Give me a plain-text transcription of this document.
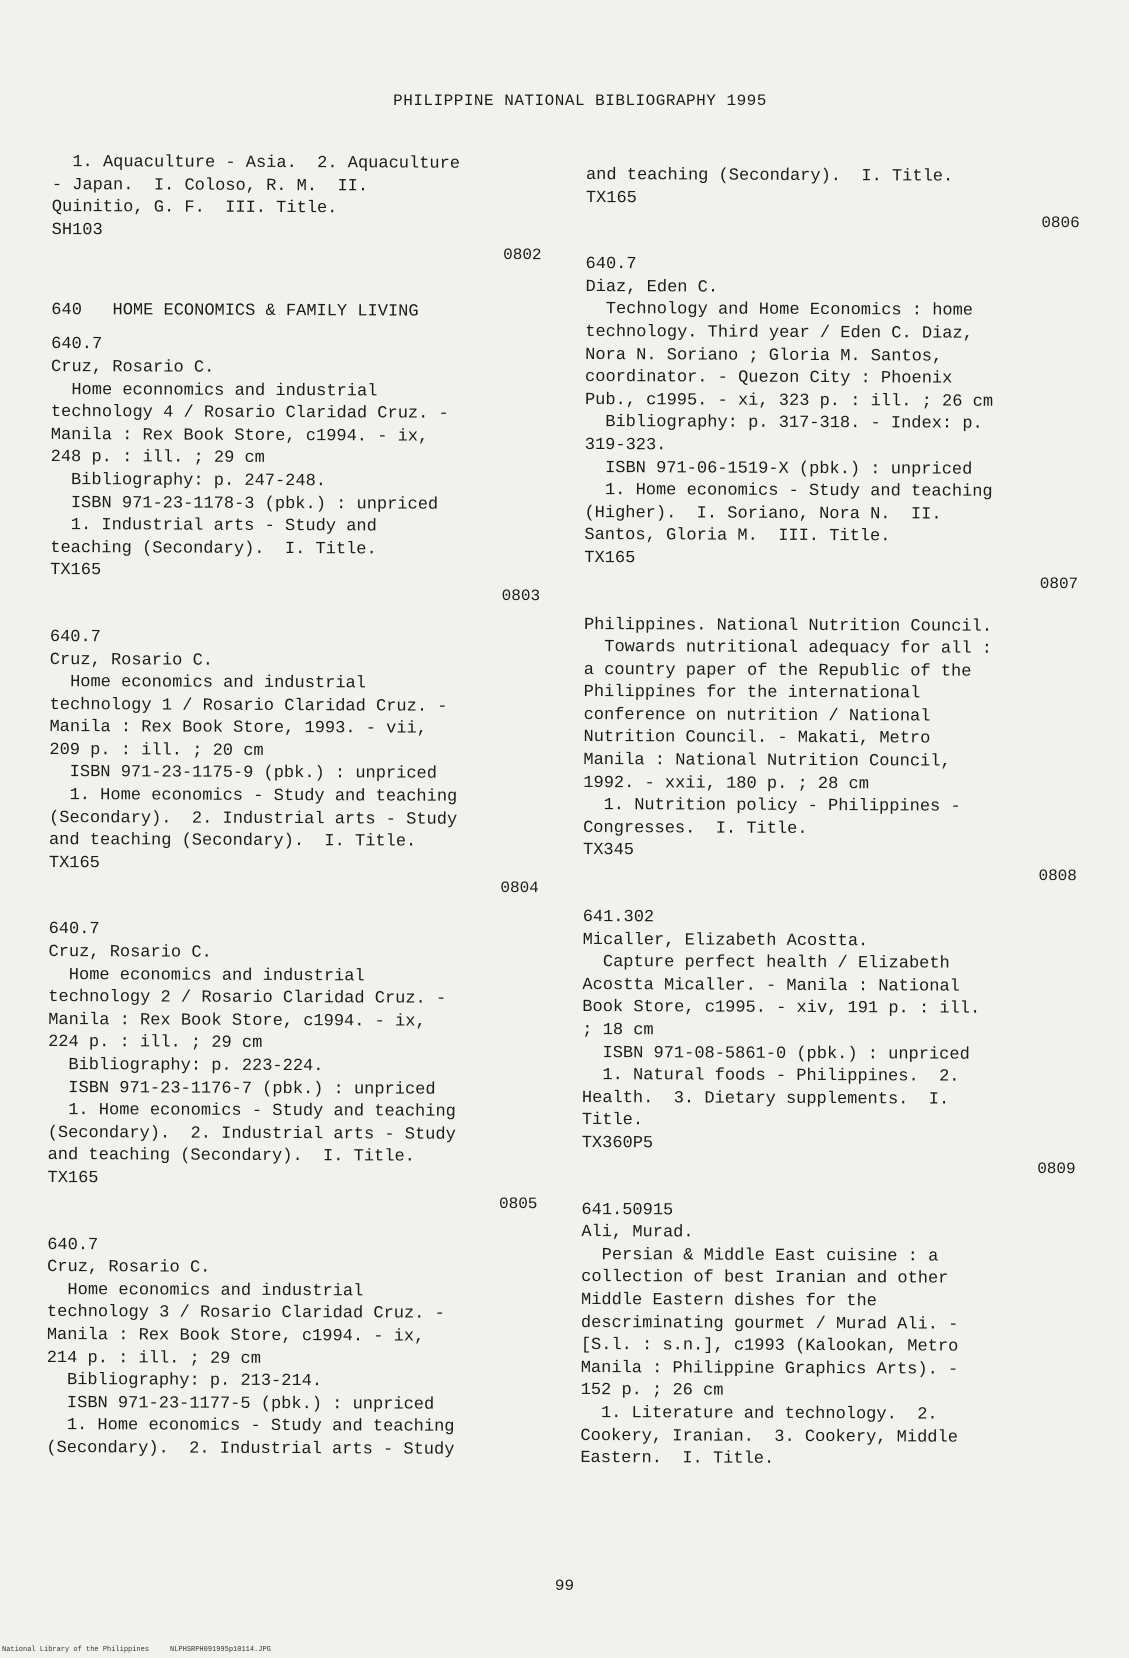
PHILIPPINE NATIONAL BIBLIOGRAPHY 1995
1. Aquaculture - Asia.  2. Aquaculture
- Japan.  I. Coloso, R. M.  II.
Quinitio, G. F.  III. Title.
SH103
0802
640   HOME ECONOMICS & FAMILY LIVING
640.7
Cruz, Rosario C.
Home econnomics and industrial
technology 4 / Rosario Claridad Cruz. -
Manila : Rex Book Store, c1994. - ix,
248 p. : ill. ; 29 cm
Bibliography: p. 247-248.
ISBN 971-23-1178-3 (pbk.) : unpriced
1. Industrial arts - Study and
teaching (Secondary).  I. Title.
TX165
0803
640.7
Cruz, Rosario C.
Home economics and industrial
technology 1 / Rosario Claridad Cruz. -
Manila : Rex Book Store, 1993. - vii,
209 p. : ill. ; 20 cm
ISBN 971-23-1175-9 (pbk.) : unpriced
1. Home economics - Study and teaching
(Secondary).  2. Industrial arts - Study
and teaching (Secondary).  I. Title.
TX165
0804
640.7
Cruz, Rosario C.
Home economics and industrial
technology 2 / Rosario Claridad Cruz. -
Manila : Rex Book Store, c1994. - ix,
224 p. : ill. ; 29 cm
Bibliography: p. 223-224.
ISBN 971-23-1176-7 (pbk.) : unpriced
1. Home economics - Study and teaching
(Secondary).  2. Industrial arts - Study
and teaching (Secondary).  I. Title.
TX165
0805
640.7
Cruz, Rosario C.
Home economics and industrial
technology 3 / Rosario Claridad Cruz. -
Manila : Rex Book Store, c1994. - ix,
214 p. : ill. ; 29 cm
Bibliography: p. 213-214.
ISBN 971-23-1177-5 (pbk.) : unpriced
1. Home economics - Study and teaching
(Secondary).  2. Industrial arts - Study
and teaching (Secondary).  I. Title.
TX165
0806
640.7
Diaz, Eden C.
Technology and Home Economics : home
technology. Third year / Eden C. Diaz,
Nora N. Soriano ; Gloria M. Santos,
coordinator. - Quezon City : Phoenix
Pub., c1995. - xi, 323 p. : ill. ; 26 cm
Bibliography: p. 317-318. - Index: p.
319-323.
ISBN 971-06-1519-X (pbk.) : unpriced
1. Home economics - Study and teaching
(Higher).  I. Soriano, Nora N.  II.
Santos, Gloria M.  III. Title.
TX165
0807
Philippines. National Nutrition Council.
Towards nutritional adequacy for all :
a country paper of the Republic of the
Philippines for the international
conference on nutrition / National
Nutrition Council. - Makati, Metro
Manila : National Nutrition Council,
1992. - xxii, 180 p. ; 28 cm
1. Nutrition policy - Philippines -
Congresses.  I. Title.
TX345
0808
641.302
Micaller, Elizabeth Acostta.
Capture perfect health / Elizabeth
Acostta Micaller. - Manila : National
Book Store, c1995. - xiv, 191 p. : ill.
; 18 cm
ISBN 971-08-5861-0 (pbk.) : unpriced
1. Natural foods - Philippines.  2.
Health.  3. Dietary supplements.  I.
Title.
TX360P5
0809
641.50915
Ali, Murad.
Persian & Middle East cuisine : a
collection of best Iranian and other
Middle Eastern dishes for the
descriminating gourmet / Murad Ali. -
[S.l. : s.n.], c1993 (Kalookan, Metro
Manila : Philippine Graphics Arts). -
152 p. ; 26 cm
1. Literature and technology.  2.
Cookery, Iranian.  3. Cookery, Middle
Eastern.  I. Title.
99
National Library of the Philippines     NLPHSRPH091995p10114.JPG
